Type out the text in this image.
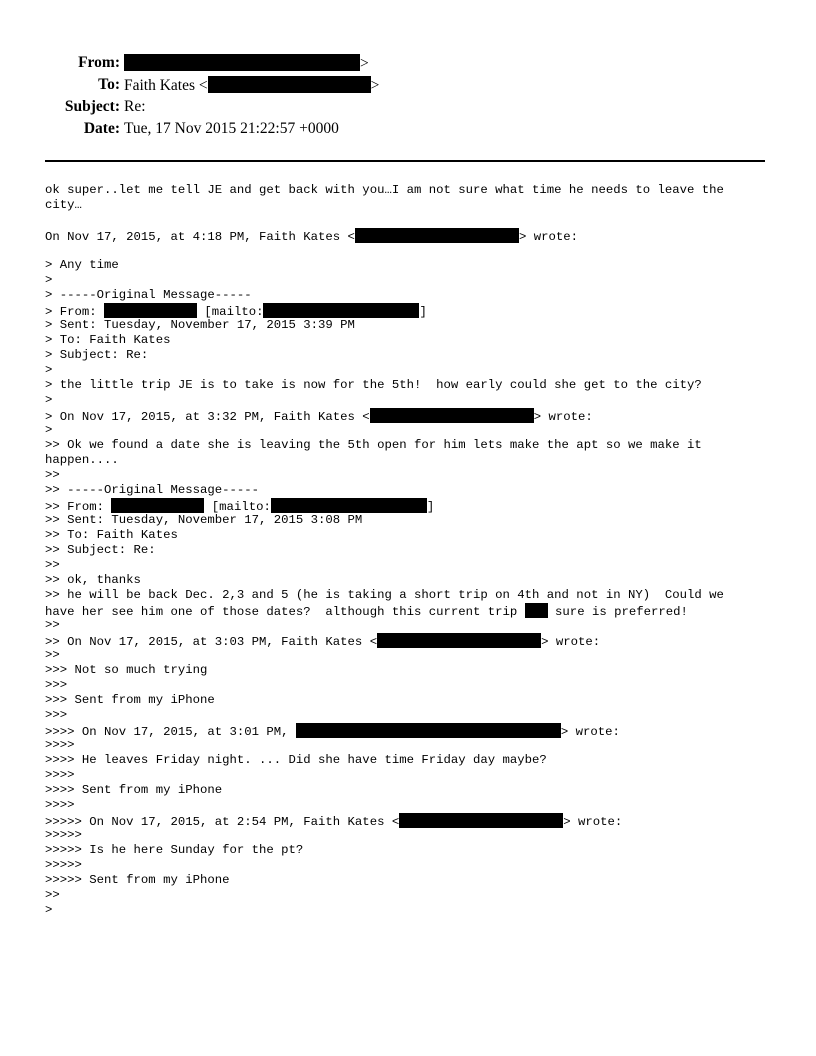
From:	>
To: Faith Kates <	>
Subject: Re:
Date: Tue, 17 Nov 2015 21:22:57 +0000
ok super..let me tell JE and get back with you…I am not sure what time he needs to leave the
city…
On Nov 17, 2015, at 4:18 PM, Faith Kates <	> wrote:
> Any time
>
> -----Original Message-----
> From:	[mailto:	]
> Sent: Tuesday, November 17, 2015 3:39 PM
> To: Faith Kates
> Subject: Re:
>
> the little trip JE is to take is now for the 5th!  how early could she get to the city?
>
> On Nov 17, 2015, at 3:32 PM, Faith Kates <	> wrote:
>
>> Ok we found a date she is leaving the 5th open for him lets make the apt so we make it
happen....
>>
>> -----Original Message-----
>> From:	[mailto:	]
>> Sent: Tuesday, November 17, 2015 3:08 PM
>> To: Faith Kates
>> Subject: Re:
>>
>> ok, thanks
>> he will be back Dec. 2,3 and 5 (he is taking a short trip on 4th and not in NY)  Could we
have her see him one of those dates?  although this current trip  sure is preferred!
>>
>> On Nov 17, 2015, at 3:03 PM, Faith Kates <	> wrote:
>>
>>> Not so much trying
>>>
>>> Sent from my iPhone
>>>
>>>> On Nov 17, 2015, at 3:01 PM,	> wrote:
>>>>
>>>> He leaves Friday night. ... Did she have time Friday day maybe?
>>>>
>>>> Sent from my iPhone
>>>>
>>>>> On Nov 17, 2015, at 2:54 PM, Faith Kates <	> wrote:
>>>>>
>>>>> Is he here Sunday for the pt?
>>>>>
>>>>> Sent from my iPhone
>>
>
